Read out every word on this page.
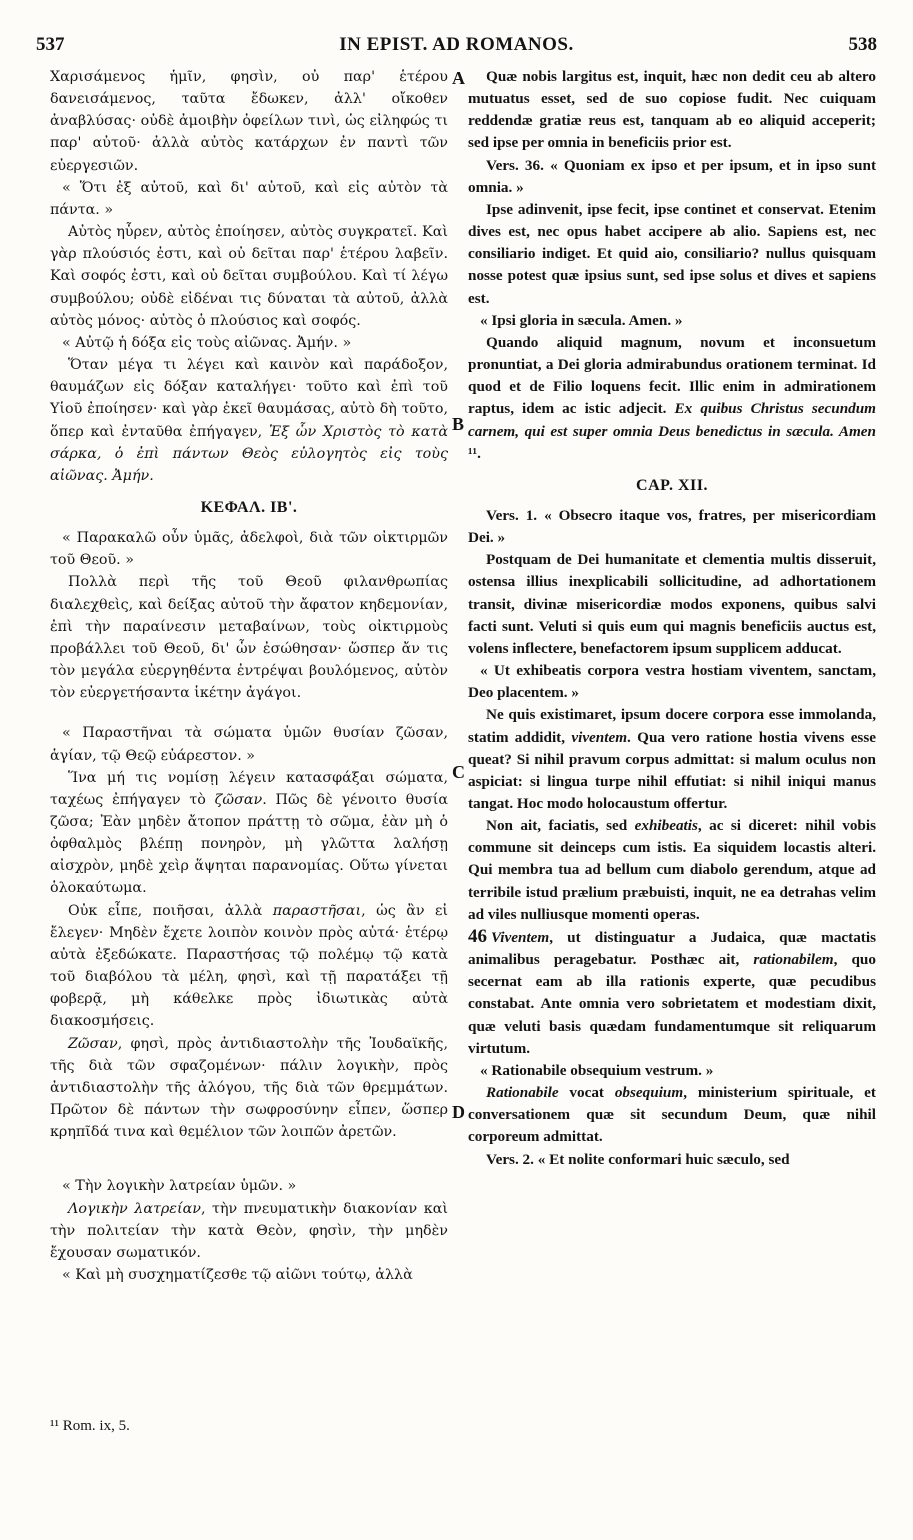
537	IN EPIST. AD ROMANOS.	538
A
B
C
D

Χαρισάμενος ἡμῖν, φησὶν, οὐ παρ' ἑτέρου δανεισάμενος, ταῦτα ἔδωκεν, ἀλλ' οἴκοθεν ἀναβλύσας· οὐδὲ ἀμοιβὴν ὀφείλων τινὶ, ὡς εἰληφώς τι παρ' αὐτοῦ· ἀλλὰ αὐτὸς κατάρχων ἐν παντὶ τῶν εὐεργεσιῶν.

« Ὅτι ἐξ αὐτοῦ, καὶ δι' αὐτοῦ, καὶ εἰς αὐτὸν τὰ πάντα. »

Αὐτὸς ηὗρεν, αὐτὸς ἐποίησεν, αὐτὸς συγκρατεῖ. Καὶ γὰρ πλούσιός ἐστι, καὶ οὐ δεῖται παρ' ἑτέρου λαβεῖν. Καὶ σοφός ἐστι, καὶ οὐ δεῖται συμβούλου. Καὶ τί λέγω συμβούλου; οὐδὲ εἰδέναι τις δύναται τὰ αὐτοῦ, ἀλλὰ αὐτὸς μόνος· αὐτὸς ὁ πλούσιος καὶ σοφός.

« Αὐτῷ ἡ δόξα εἰς τοὺς αἰῶνας. Ἀμήν. »

Ὅταν μέγα τι λέγει καὶ καινὸν καὶ παράδοξον, θαυμάζων εἰς δόξαν καταλήγει· τοῦτο καὶ ἐπὶ τοῦ Υἱοῦ ἐποίησεν· καὶ γὰρ ἐκεῖ θαυμάσας, αὐτὸ δὴ τοῦτο, ὅπερ καὶ ἐνταῦθα ἐπήγαγεν, Ἐξ ὧν Χριστὸς τὸ κατὰ σάρκα, ὁ ἐπὶ πάντων Θεὸς εὐλογητὸς εἰς τοὺς αἰῶνας. Ἀμήν.

ΚΕΦΑΛ. ΙΒ'.

« Παρακαλῶ οὖν ὑμᾶς, ἀδελφοὶ, διὰ τῶν οἰκτιρμῶν τοῦ Θεοῦ. »

Πολλὰ περὶ τῆς τοῦ Θεοῦ φιλανθρωπίας διαλεχθεὶς, καὶ δείξας αὐτοῦ τὴν ἄφατον κηδεμονίαν, ἐπὶ τὴν παραίνεσιν μεταβαίνων, τοὺς οἰκτιρμοὺς προβάλλει τοῦ Θεοῦ, δι' ὧν ἐσώθησαν· ὥσπερ ἄν τις τὸν μεγάλα εὐεργηθέντα ἐντρέψαι βουλόμενος, αὐτὸν τὸν εὐεργετήσαντα ἱκέτην ἀγάγοι.

« Παραστῆναι τὰ σώματα ὑμῶν θυσίαν ζῶσαν, ἁγίαν, τῷ Θεῷ εὐάρεστον. »

Ἵνα μή τις νομίσῃ λέγειν κατασφάξαι σώματα, ταχέως ἐπήγαγεν τὸ ζῶσαν. Πῶς δὲ γένοιτο θυσία ζῶσα; Ἐὰν μηδὲν ἄτοπον πράττῃ τὸ σῶμα, ἐὰν μὴ ὁ ὀφθαλμὸς βλέπῃ πονηρὸν, μὴ γλῶττα λαλήσῃ αἰσχρὸν, μηδὲ χεὶρ ἅψηται παρανομίας. Οὕτω γίνεται ὁλοκαύτωμα.

Οὐκ εἶπε, ποιῆσαι, ἀλλὰ παραστῆσαι, ὡς ἂν εἰ ἔλεγεν· Μηδὲν ἔχετε λοιπὸν κοινὸν πρὸς αὐτά· ἑτέρῳ αὐτὰ ἐξεδώκατε. Παραστήσας τῷ πολέμῳ τῷ κατὰ τοῦ διαβόλου τὰ μέλη, φησὶ, καὶ τῇ παρατάξει τῇ φοβερᾷ, μὴ κάθελκε πρὸς ἰδιωτικὰς αὐτὰ διακοσμήσεις.

Ζῶσαν, φησὶ, πρὸς ἀντιδιαστολὴν τῆς Ἰουδαϊκῆς, τῆς διὰ τῶν σφαζομένων· πάλιν λογικὴν, πρὸς ἀντιδιαστολὴν τῆς ἀλόγου, τῆς διὰ τῶν θρεμμάτων. Πρῶτον δὲ πάντων τὴν σωφροσύνην εἶπεν, ὥσπερ κρηπῖδά τινα καὶ θεμέλιον τῶν λοιπῶν ἀρετῶν.

« Τὴν λογικὴν λατρείαν ὑμῶν. »

Λογικὴν λατρείαν, τὴν πνευματικὴν διακονίαν καὶ τὴν πολιτείαν τὴν κατὰ Θεὸν, φησὶν, τὴν μηδὲν ἔχουσαν σωματικόν.

« Καὶ μὴ συσχηματίζεσθε τῷ αἰῶνι τούτῳ, ἀλλὰ

Quæ nobis largitus est, inquit, hæc non dedit ceu ab altero mutuatus esset, sed de suo copiose fudit. Nec cuiquam reddendæ gratiæ reus est, tanquam ab eo aliquid acceperit; sed ipse per omnia in beneficiis prior est.

Vers. 36. « Quoniam ex ipso et per ipsum, et in ipso sunt omnia. »

Ipse adinvenit, ipse fecit, ipse continet et conservat. Etenim dives est, nec opus habet accipere ab alio. Sapiens est, nec consiliario indiget. Et quid aio, consiliario? nullus quisquam nosse potest quæ ipsius sunt, sed ipse solus et dives et sapiens est.

« Ipsi gloria in sæcula. Amen. »

Quando aliquid magnum, novum et inconsuetum pronuntiat, a Dei gloria admirabundus orationem terminat. Id quod et de Filio loquens fecit. Illic enim in admirationem raptus, idem ac istic adjecit. Ex quibus Christus secundum carnem, qui est super omnia Deus benedictus in sæcula. Amen ¹¹.

CAP. XII.

Vers. 1. « Obsecro itaque vos, fratres, per misericordiam Dei. »

Postquam de Dei humanitate et clementia multis disseruit, ostensa illius inexplicabili sollicitudine, ad adhortationem transit, divinæ misericordiæ modos exponens, quibus salvi facti sunt. Veluti si quis eum qui magnis beneficiis auctus est, volens inflectere, benefactorem ipsum supplicem adducat.

« Ut exhibeatis corpora vestra hostiam viventem, sanctam, Deo placentem. »

Ne quis existimaret, ipsum docere corpora esse immolanda, statim addidit, viventem. Qua vero ratione hostia vivens esse queat? Si nihil pravum corpus admittat: si malum oculus non aspiciat: si lingua turpe nihil effutiat: si nihil iniqui manus tangat. Hoc modo holocaustum offertur.

Non ait, faciatis, sed exhibeatis, ac si diceret: nihil vobis commune sit deinceps cum istis. Ea siquidem locastis alteri. Qui membra tua ad bellum cum diabolo gerendum, atque ad terribile istud prælium præbuisti, inquit, ne ea detrahas velim ad viles nulliusque momenti operas.

46 Viventem, ut distinguatur a Judaica, quæ mactatis animalibus peragebatur. Posthæc ait, rationabilem, quo secernat eam ab illa rationis experte, quæ pecudibus constabat. Ante omnia vero sobrietatem et modestiam dixit, quæ veluti basis quædam fundamentumque sit reliquarum virtutum.

« Rationabile obsequium vestrum. »

Rationabile vocat obsequium, ministerium spirituale, et conversationem quæ sit secundum Deum, quæ nihil corporeum admittat.

Vers. 2. « Et nolite conformari huic sæculo, sed

¹¹ Rom. ix, 5.
